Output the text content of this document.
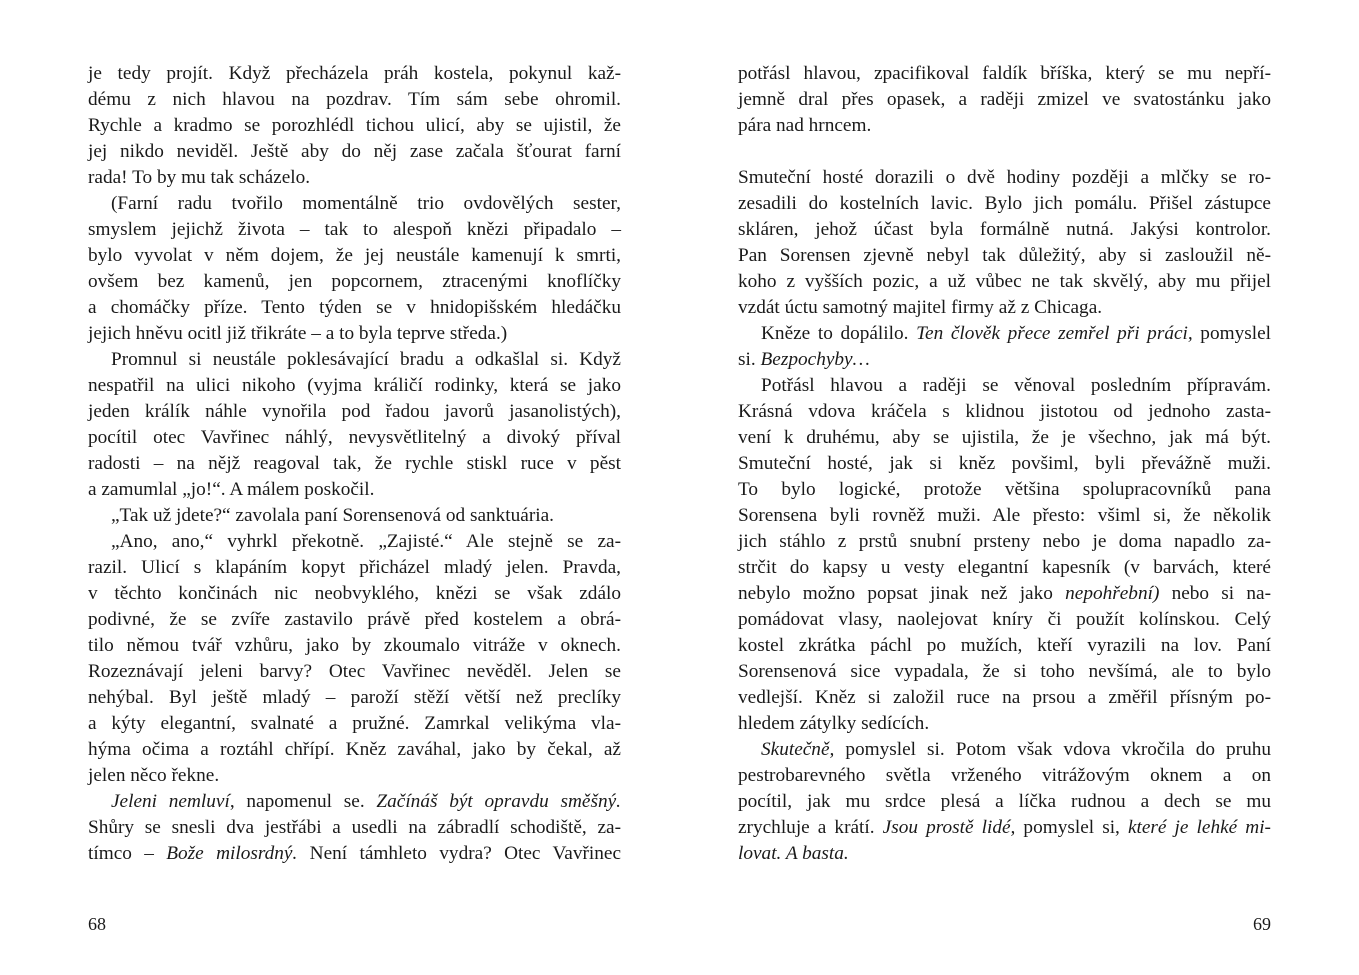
je tedy projít. Když přecházela práh kostela, pokynul kaž-
dému z nich hlavou na pozdrav. Tím sám sebe ohromil.
Rychle a kradmo se porozhlédl tichou ulicí, aby se ujistil, že
jej nikdo neviděl. Ještě aby do něj zase začala šťourat farní
rada! To by mu tak scházelo.
(Farní radu tvořilo momentálně trio ovdovělých sester,
smyslem jejichž života – tak to alespoň knězi připadalo –
bylo vyvolat v něm dojem, že jej neustále kamenují k smrti,
ovšem bez kamenů, jen popcornem, ztracenými knoflíčky
a chomáčky příze. Tento týden se v hnidopišském hledáčku
jejich hněvu ocitl již třikráte – a to byla teprve středa.)
Promnul si neustále poklesávající bradu a odkašlal si. Když
nespatřil na ulici nikoho (vyjma králičí rodinky, která se jako
jeden králík náhle vynořila pod řadou javorů jasanolistých),
pocítil otec Vavřinec náhlý, nevysvětlitelný a divoký příval
radosti – na nějž reagoval tak, že rychle stiskl ruce v pěst
a zamumlal „jo!“. A málem poskočil.
„Tak už jdete?“ zavolala paní Sorensenová od sanktuária.
„Ano, ano,“ vyhrkl překotně. „Zajisté.“ Ale stejně se za-
razil. Ulicí s klapáním kopyt přicházel mladý jelen. Pravda,
v těchto končinách nic neobvyklého, knězi se však zdálo
podivné, že se zvíře zastavilo právě před kostelem a obrá-
tilo němou tvář vzhůru, jako by zkoumalo vitráže v oknech.
Rozeznávají jeleni barvy? Otec Vavřinec nevěděl. Jelen se
nehýbal. Byl ještě mladý – paroží stěží větší než preclíky
a kýty elegantní, svalnaté a pružné. Zamrkal velikýma vla-
hýma očima a roztáhl chřípí. Kněz zaváhal, jako by čekal, až
jelen něco řekne.
Jeleni nemluví, napomenul se. Začínáš být opravdu směšný.
Shůry se snesli dva jestřábi a usedli na zábradlí schodiště, za-
tímco – Bože milosrdný. Není támhleto vydra? Otec Vavřinec
potřásl hlavou, zpacifikoval faldík bříška, který se mu nepří-
jemně dral přes opasek, a raději zmizel ve svatostánku jako
pára nad hrncem.
Smuteční hosté dorazili o dvě hodiny později a mlčky se ro-
zesadili do kostelních lavic. Bylo jich pomálu. Přišel zástupce
skláren, jehož účast byla formálně nutná. Jakýsi kontrolor.
Pan Sorensen zjevně nebyl tak důležitý, aby si zasloužil ně-
koho z vyšších pozic, a už vůbec ne tak skvělý, aby mu přijel
vzdát úctu samotný majitel firmy až z Chicaga.
Kněze to dopálilo. Ten člověk přece zemřel při práci, pomyslel
si. Bezpochyby…
Potřásl hlavou a raději se věnoval posledním přípravám.
Krásná vdova kráčela s klidnou jistotou od jednoho zasta-
vení k druhému, aby se ujistila, že je všechno, jak má být.
Smuteční hosté, jak si kněz povšiml, byli převážně muži.
To bylo logické, protože většina spolupracovníků pana
Sorensena byli rovněž muži. Ale přesto: všiml si, že několik
jich stáhlo z prstů snubní prsteny nebo je doma napadlo za-
strčit do kapsy u vesty elegantní kapesník (v barvách, které
nebylo možno popsat jinak než jako nepohřební) nebo si na-
pomádovat vlasy, naolejovat kníry či použít kolínskou. Celý
kostel zkrátka páchl po mužích, kteří vyrazili na lov. Paní
Sorensenová sice vypadala, že si toho nevšímá, ale to bylo
vedlejší. Kněz si založil ruce na prsou a změřil přísným po-
hledem zátylky sedících.
Skutečně, pomyslel si. Potom však vdova vkročila do pruhu
pestrobarevného světla vrženého vitrážovým oknem a on
pocítil, jak mu srdce plesá a líčka rudnou a dech se mu
zrychluje a krátí. Jsou prostě lidé, pomyslel si, které je lehké mi-
lovat. A basta.
68	69
